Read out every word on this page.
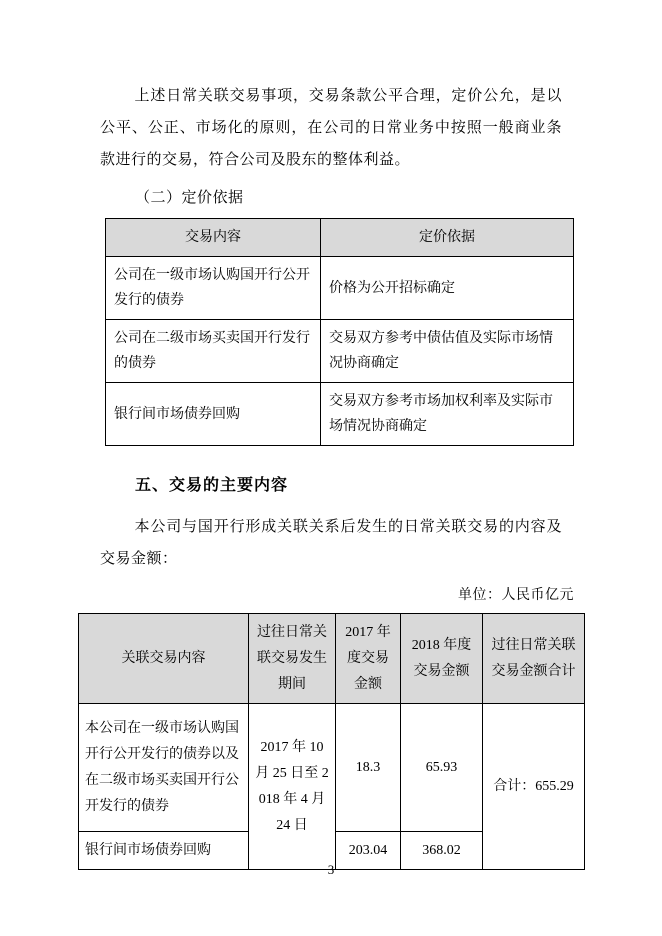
上述日常关联交易事项，交易条款公平合理，定价公允，是以公平、公正、市场化的原则，在公司的日常业务中按照一般商业条款进行的交易，符合公司及股东的整体利益。

（二）定价依据

交易内容	定价依据
公司在一级市场认购国开行公开发行的债券	价格为公开招标确定
公司在二级市场买卖国开行发行的债券	交易双方参考中债估值及实际市场情况协商确定
银行间市场债券回购	交易双方参考市场加权利率及实际市场情况协商确定
五、交易的主要内容

本公司与国开行形成关联关系后发生的日常关联交易的内容及交易金额：

单位：人民币亿元

关联交易内容	过往日常关联交易发生期间	2017 年度交易金额	2018 年度交易金额	过往日常关联交易金额合计
本公司在一级市场认购国开行公开发行的债券以及在二级市场买卖国开行公开发行的债券	2017 年 10 月 25 日至 2018 年 4 月 24 日	18.3	65.93	合计：655.29
银行间市场债券回购		203.04	368.02	
3
